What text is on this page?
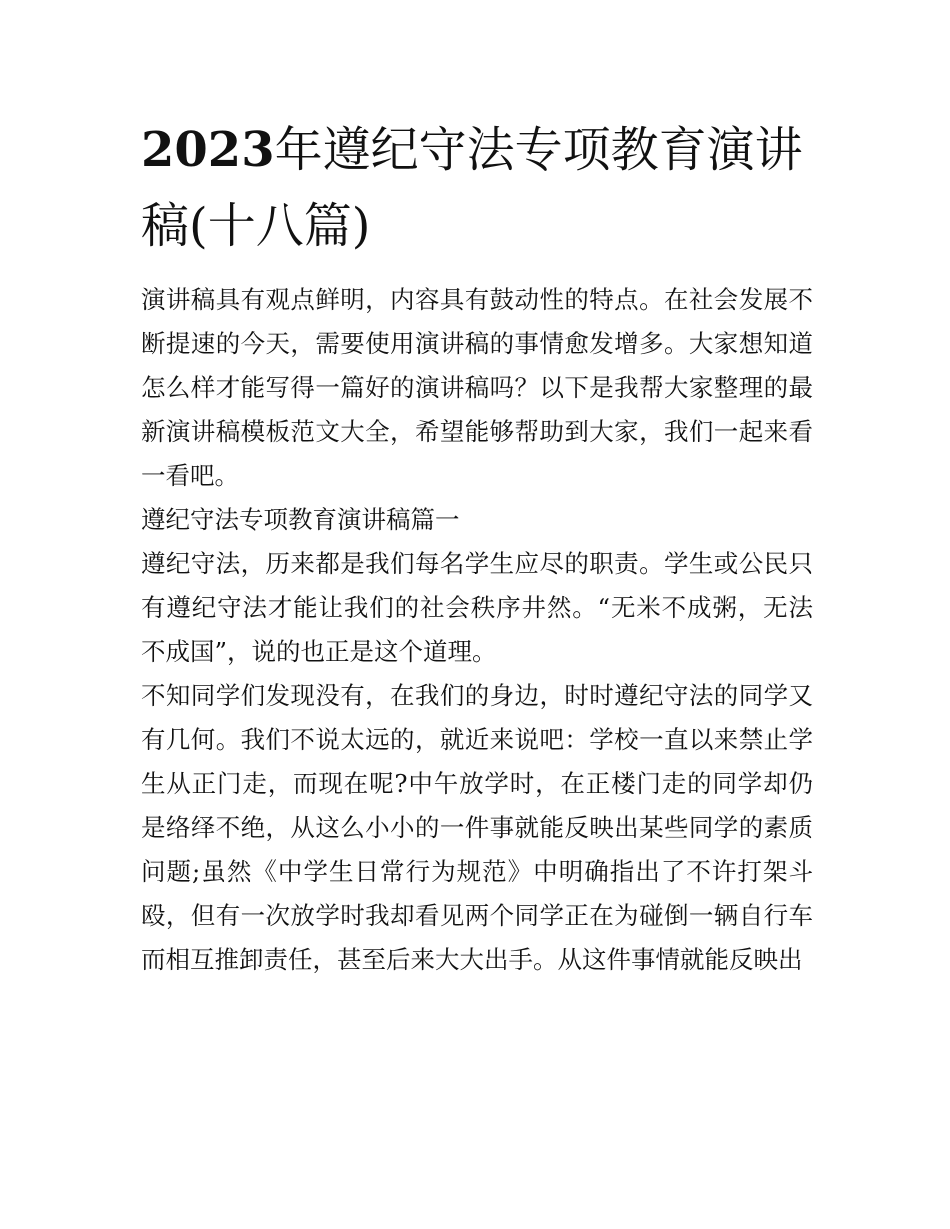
2023年遵纪守法专项教育演讲稿(十八篇)

演讲稿具有观点鲜明，内容具有鼓动性的特点。在社会发展不断提速的今天，需要使用演讲稿的事情愈发增多。大家想知道怎么样才能写得一篇好的演讲稿吗？以下是我帮大家整理的最新演讲稿模板范文大全，希望能够帮助到大家，我们一起来看一看吧。

遵纪守法专项教育演讲稿篇一

遵纪守法，历来都是我们每名学生应尽的职责。学生或公民只有遵纪守法才能让我们的社会秩序井然。“无米不成粥，无法不成国”，说的也正是这个道理。

不知同学们发现没有，在我们的身边，时时遵纪守法的同学又有几何。我们不说太远的，就近来说吧：学校一直以来禁止学生从正门走，而现在呢?中午放学时，在正楼门走的同学却仍是络绎不绝，从这么小小的一件事就能反映出某些同学的素质问题;虽然《中学生日常行为规范》中明确指出了不许打架斗殴，但有一次放学时我却看见两个同学正在为碰倒一辆自行车而相互推卸责任，甚至后来大大出手。从这件事情就能反映出
